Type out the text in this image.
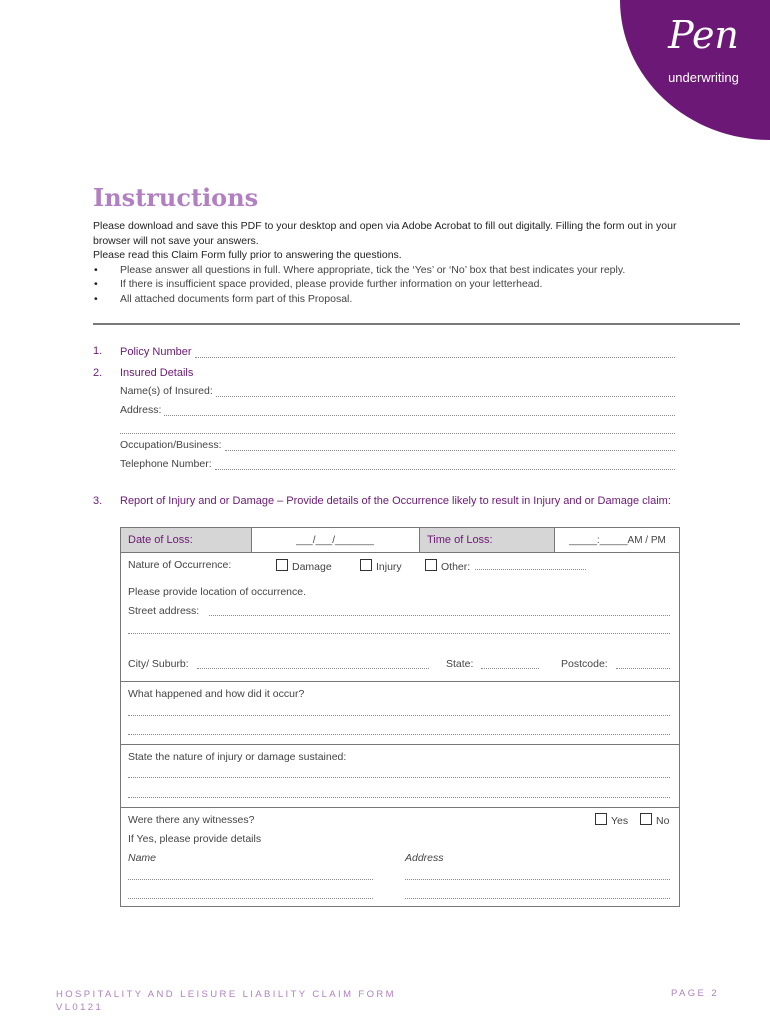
Pen
underwriting
Instructions

Please download and save this PDF to your desktop and open via Adobe Acrobat to fill out digitally. Filling the form out in your browser will not save your answers.

Please read this Claim Form fully prior to answering the questions.

• Please answer all questions in full. Where appropriate, tick the ‘Yes’ or ‘No’ box that best indicates your reply.
• If there is insufficient space provided, please provide further information on your letterhead.
• All attached documents form part of this Proposal.
1. Policy Number
2. Insured Details
Name(s) of Insured:
Address:
Occupation/Business:
Telephone Number:
3. Report of Injury and or Damage – Provide details of the Occurrence likely to result in Injury and or Damage claim:
Date of Loss:	___/___/_______	Time of Loss:	_____:_____AM / PM
Nature of Occurrence:	Damage	Injury	Other:
Please provide location of occurrence.
Street address:
City/ Suburb:	State:	Postcode:
What happened and how did it occur?
State the nature of injury or damage sustained:
Were there any witnesses?	Yes	No
If Yes, please provide details
Name	Address
HOSPITALITY AND LEISURE LIABILITY CLAIM FORM
VL0121
PAGE 2
